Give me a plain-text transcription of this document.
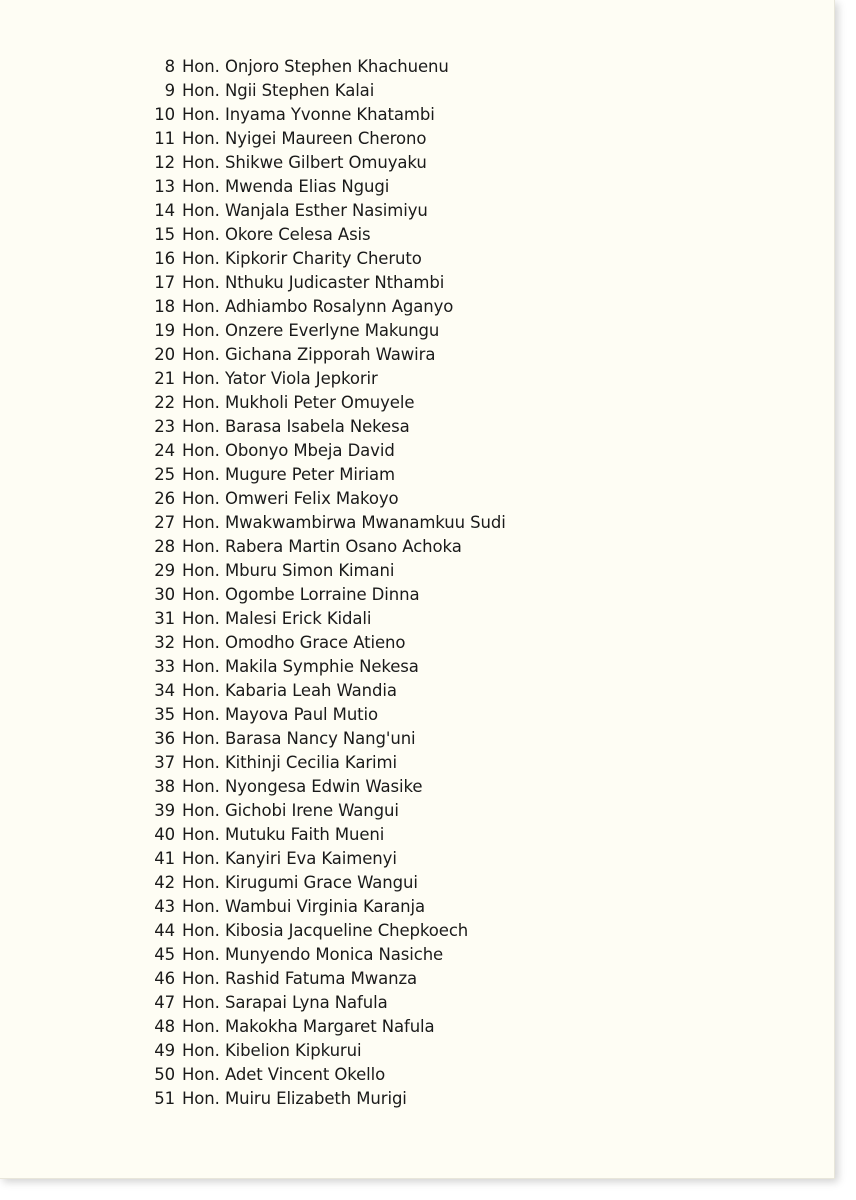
8 Hon. Onjoro Stephen Khachuenu
9 Hon. Ngii Stephen Kalai
10 Hon. Inyama Yvonne Khatambi
11 Hon. Nyigei Maureen Cherono
12 Hon. Shikwe Gilbert Omuyaku
13 Hon. Mwenda Elias Ngugi
14 Hon. Wanjala Esther Nasimiyu
15 Hon. Okore Celesa Asis
16 Hon. Kipkorir Charity Cheruto
17 Hon. Nthuku Judicaster Nthambi
18 Hon. Adhiambo Rosalynn Aganyo
19 Hon. Onzere Everlyne Makungu
20 Hon. Gichana Zipporah Wawira
21 Hon. Yator Viola Jepkorir
22 Hon. Mukholi Peter Omuyele
23 Hon. Barasa Isabela Nekesa
24 Hon. Obonyo Mbeja David
25 Hon. Mugure Peter Miriam
26 Hon. Omweri Felix Makoyo
27 Hon. Mwakwambirwa Mwanamkuu Sudi
28 Hon. Rabera Martin Osano Achoka
29 Hon. Mburu Simon Kimani
30 Hon. Ogombe Lorraine Dinna
31 Hon. Malesi Erick Kidali
32 Hon. Omodho Grace Atieno
33 Hon. Makila Symphie Nekesa
34 Hon. Kabaria Leah Wandia
35 Hon. Mayova Paul Mutio
36 Hon. Barasa Nancy Nang'uni
37 Hon. Kithinji Cecilia Karimi
38 Hon. Nyongesa Edwin Wasike
39 Hon. Gichobi Irene Wangui
40 Hon. Mutuku Faith Mueni
41 Hon. Kanyiri Eva Kaimenyi
42 Hon. Kirugumi Grace Wangui
43 Hon. Wambui Virginia Karanja
44 Hon. Kibosia Jacqueline Chepkoech
45 Hon. Munyendo Monica Nasiche
46 Hon. Rashid Fatuma Mwanza
47 Hon. Sarapai Lyna Nafula
48 Hon. Makokha Margaret Nafula
49 Hon. Kibelion Kipkurui
50 Hon. Adet Vincent Okello
51 Hon. Muiru Elizabeth Murigi
